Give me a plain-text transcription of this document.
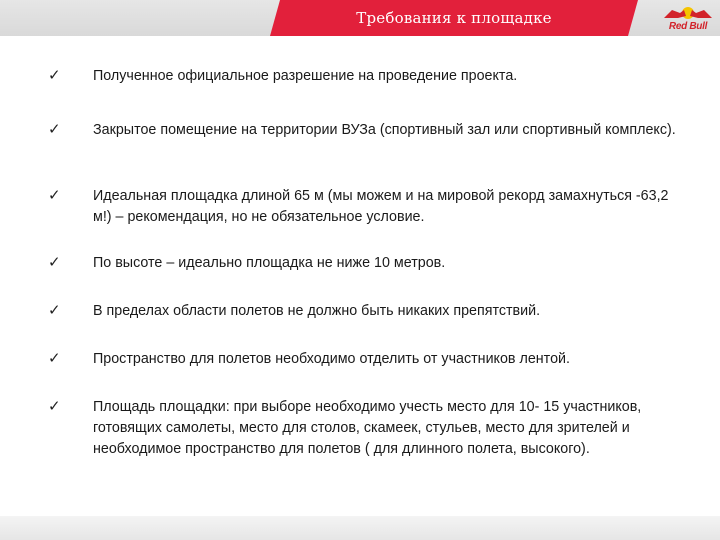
Требования к площадке	Red Bull
✓ Полученное официальное разрешение на проведение проекта.
✓ Закрытое помещение на территории ВУЗа (спортивный зал или спортивный комплекс).
✓ Идеальная площадка длиной 65 м (мы можем и на мировой рекорд замахнуться -63,2 м!) – рекомендация, но не обязательное условие.
✓ По высоте – идеально площадка не ниже 10 метров.
✓ В пределах области полетов не должно быть никаких препятствий.
✓ Пространство для полетов необходимо отделить от участников лентой.
✓ Площадь площадки: при выборе необходимо учесть место для 10- 15 участников, готовящих самолеты, место для столов, скамеек, стульев, место для зрителей и необходимое пространство для полетов ( для длинного полета, высокого).
